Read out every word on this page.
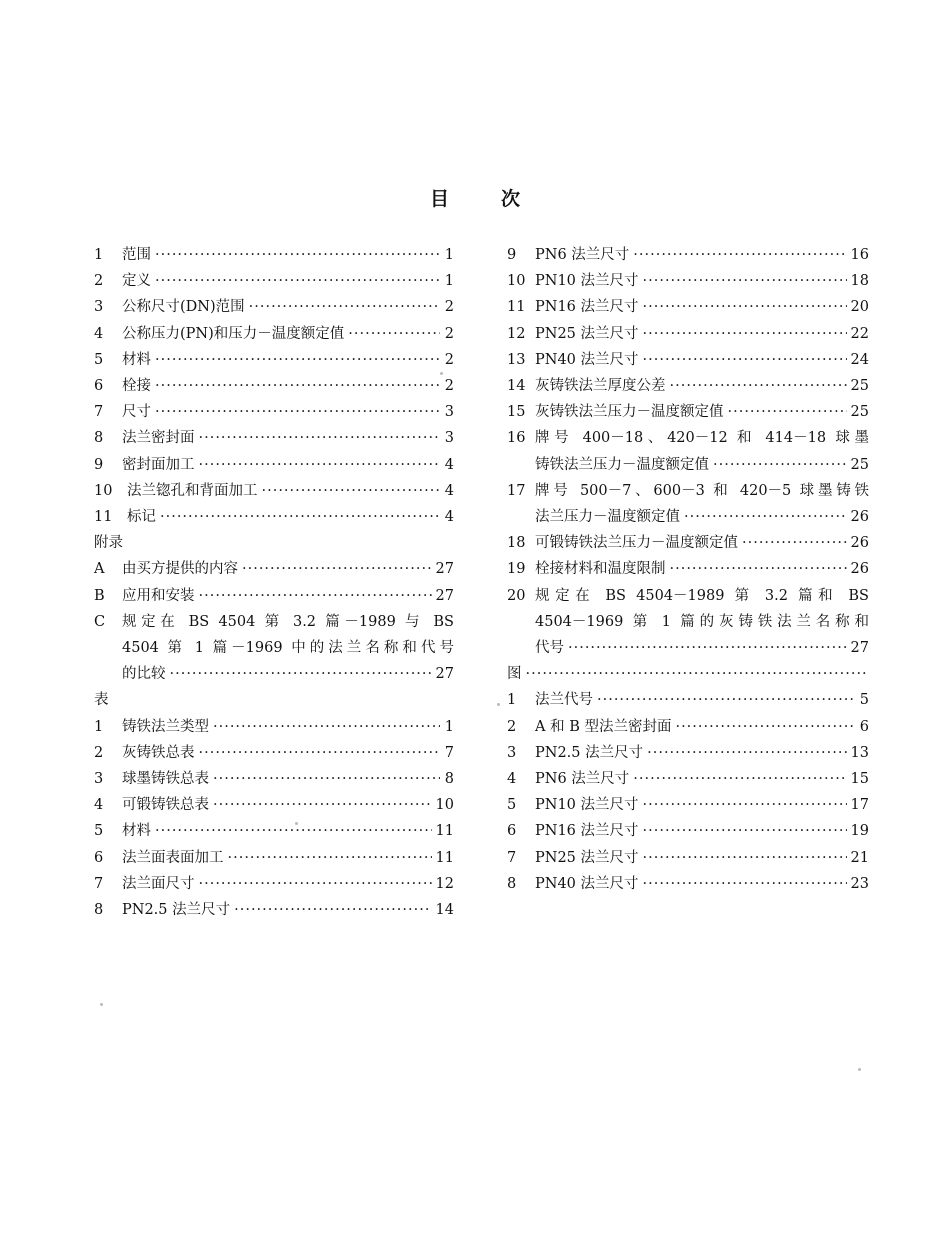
目	次
1	范围 ·····	1
2	定义 ·····	1
3	公称尺寸(DN)范围 ·····	2
4	公称压力(PN)和压力－温度额定值 ·····	2
5	材料 ·····	2
6	栓接 ·····	2
7	尺寸 ·····	3
8	法兰密封面 ·····	3
9	密封面加工 ·····	4
10	法兰锪孔和背面加工 ·····	4
11	标记 ·····	4
附录
A	由买方提供的内容 ·····	27
B	应用和安装 ·····	27
C	规定在 BS 4504 第 3.2 篇－1989 与 BS
4504 第 1 篇－1969 中的法兰名称和代号
的比较 ·····	27
表
1	铸铁法兰类型 ·····	1
2	灰铸铁总表 ·····	7
3	球墨铸铁总表 ·····	8
4	可锻铸铁总表 ·····	10
5	材料 ·····	11
6	法兰面表面加工 ·····	11
7	法兰面尺寸 ·····	12
8	PN2.5 法兰尺寸 ·····	14
9	PN6 法兰尺寸 ·····	16
10 PN10 法兰尺寸 ·····	18
11 PN16 法兰尺寸 ·····	20
12 PN25 法兰尺寸 ·····	22
13 PN40 法兰尺寸 ·····	24
14 灰铸铁法兰厚度公差 ·····	25
15 灰铸铁法兰压力－温度额定值 ·····	25
16 牌号 400－18、420－12 和 414－18 球墨
铸铁法兰压力－温度额定值 ·····	25
17 牌号 500－7、600－3 和 420－5 球墨铸铁
法兰压力－温度额定值 ·····	26
18 可锻铸铁法兰压力－温度额定值 ·····	26
19 栓接材料和温度限制 ·····	26
20 规定在 BS 4504－1989 第 3.2 篇和 BS
4504－1969 第 1 篇的灰铸铁法兰名称和
代号 ·····	27
图
·····
1	法兰代号 ·····	5
2	A 和 B 型法兰密封面 ·····	6
3	PN2.5 法兰尺寸 ·····	13
4	PN6 法兰尺寸 ·····	15
5	PN10 法兰尺寸 ·····	17
6	PN16 法兰尺寸 ·····	19
7	PN25 法兰尺寸 ·····	21
8	PN40 法兰尺寸 ·····	23
